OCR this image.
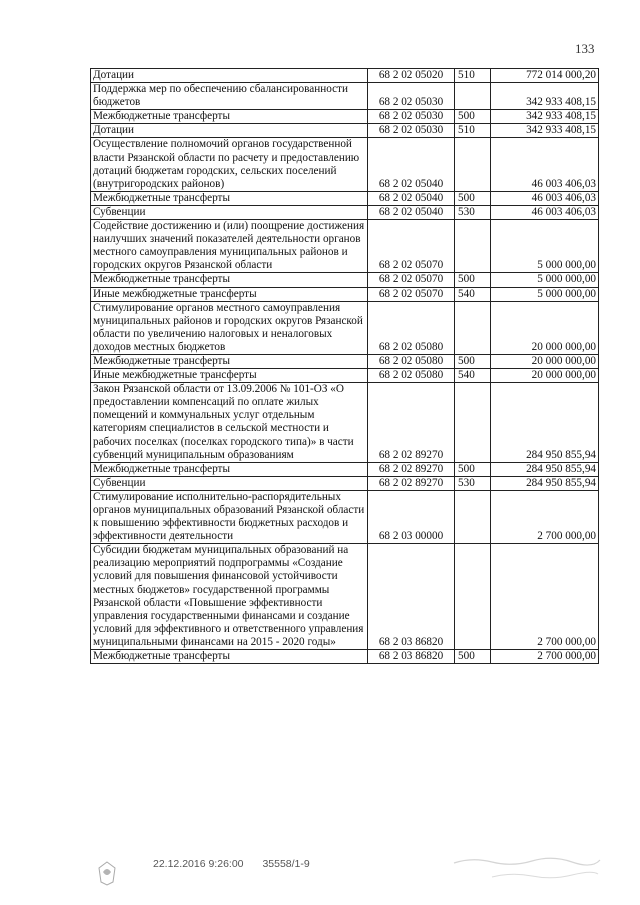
133
Дотации	68 2 02 05020	510	772 014 000,20
Поддержка мер по обеспечению сбалансированности бюджетов	68 2 02 05030		342 933 408,15
Межбюджетные трансферты	68 2 02 05030	500	342 933 408,15
Дотации	68 2 02 05030	510	342 933 408,15
Осуществление полномочий органов государственной власти Рязанской области по расчету и предоставлению дотаций бюджетам городских, сельских поселений (внутригородских районов)	68 2 02 05040		46 003 406,03
Межбюджетные трансферты	68 2 02 05040	500	46 003 406,03
Субвенции	68 2 02 05040	530	46 003 406,03
Содействие достижению и (или) поощрение достижения наилучших значений показателей деятельности органов местного самоуправления муниципальных районов и городских округов Рязанской области	68 2 02 05070		5 000 000,00
Межбюджетные трансферты	68 2 02 05070	500	5 000 000,00
Иные межбюджетные трансферты	68 2 02 05070	540	5 000 000,00
Стимулирование органов местного самоуправления муниципальных районов и городских округов Рязанской области по увеличению налоговых и неналоговых доходов местных бюджетов	68 2 02 05080		20 000 000,00
Межбюджетные трансферты	68 2 02 05080	500	20 000 000,00
Иные межбюджетные трансферты	68 2 02 05080	540	20 000 000,00
Закон Рязанской области от 13.09.2006 № 101-ОЗ «О предоставлении компенсаций по оплате жилых помещений и коммунальных услуг отдельным категориям специалистов в сельской местности и рабочих поселках (поселках городского типа)» в части субвенций муниципальным образованиям	68 2 02 89270		284 950 855,94
Межбюджетные трансферты	68 2 02 89270	500	284 950 855,94
Субвенции	68 2 02 89270	530	284 950 855,94
Стимулирование исполнительно-распорядительных органов муниципальных образований Рязанской области к повышению эффективности бюджетных расходов и эффективности деятельности	68 2 03 00000		2 700 000,00
Субсидии бюджетам муниципальных образований на реализацию мероприятий подпрограммы «Создание условий для повышения финансовой устойчивости местных бюджетов» государственной программы Рязанской области «Повышение эффективности управления государственными финансами и создание условий для эффективного и ответственного управления муниципальными финансами на 2015 - 2020 годы»	68 2 03 86820		2 700 000,00
Межбюджетные трансферты	68 2 03 86820	500	2 700 000,00
22.12.2016 9:26:00 35558/1-9
